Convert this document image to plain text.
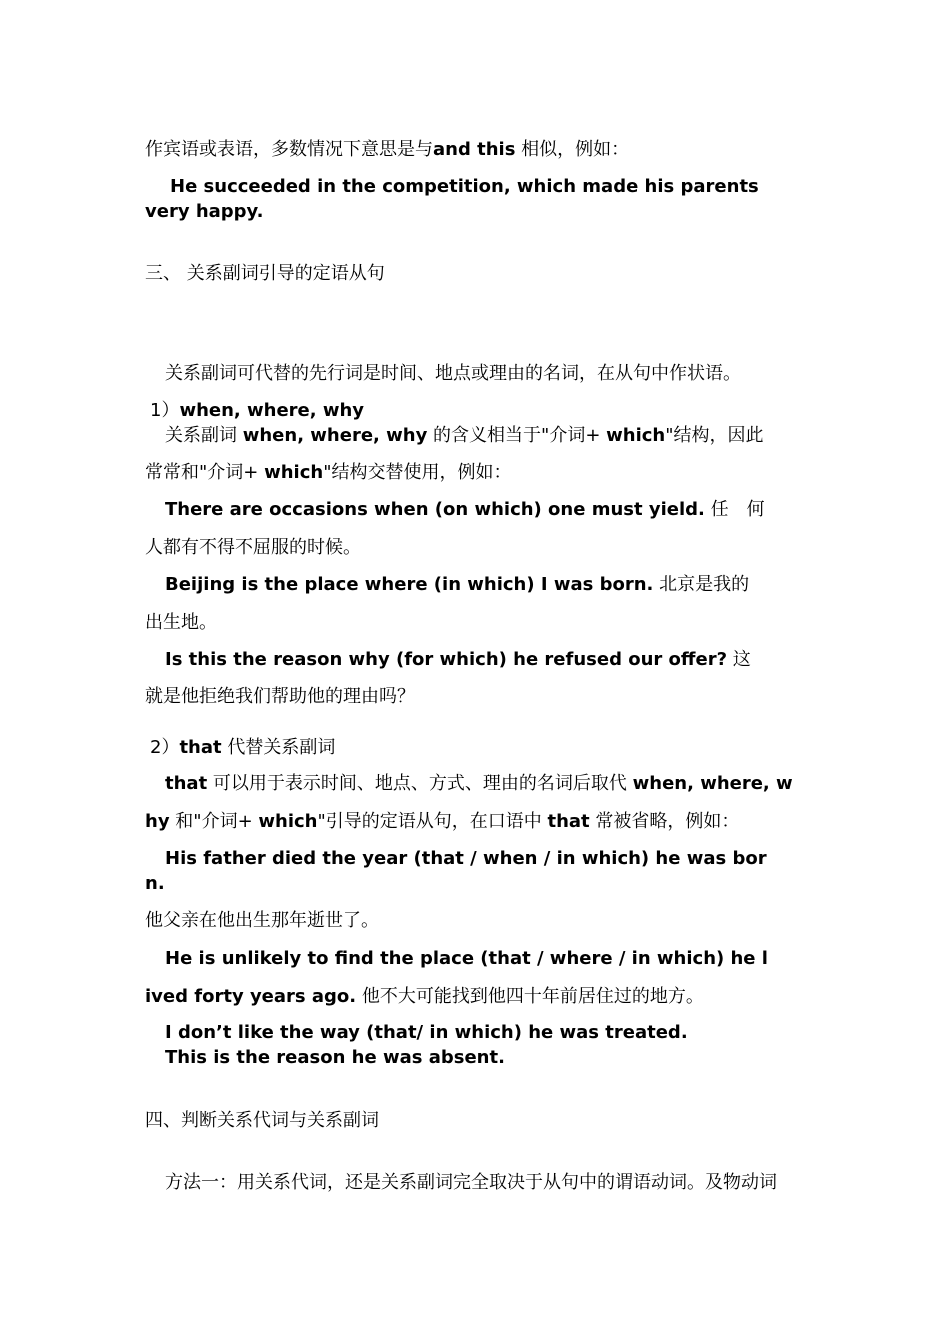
作宾语或表语，多数情况下意思是与and this 相似，例如：
He succeeded in the competition, which made his parents
very happy.
三、 关系副词引导的定语从句
关系副词可代替的先行词是时间、地点或理由的名词，在从句中作状语。
1）when, where, why
关系副词 when, where, why 的含义相当于"介词+ which"结构，因此
常常和"介词+ which"结构交替使用，例如：
There are occasions when (on which) one must yield. 任　何
人都有不得不屈服的时候。
Beijing is the place where (in which) I was born. 北京是我的
出生地。
Is this the reason why (for which) he refused our offer? 这
就是他拒绝我们帮助他的理由吗？
2）that 代替关系副词
that 可以用于表示时间、地点、方式、理由的名词后取代 when, where, w
hy 和"介词+ which"引导的定语从句，在口语中 that 常被省略，例如：
His father died the year (that / when / in which) he was bor
n.
他父亲在他出生那年逝世了。
He is unlikely to find the place (that / where / in which) he l
ived forty years ago. 他不大可能找到他四十年前居住过的地方。
I don’t like the way (that/ in which) he was treated.
This is the reason he was absent.
四、判断关系代词与关系副词
方法一：用关系代词，还是关系副词完全取决于从句中的谓语动词。及物动词
